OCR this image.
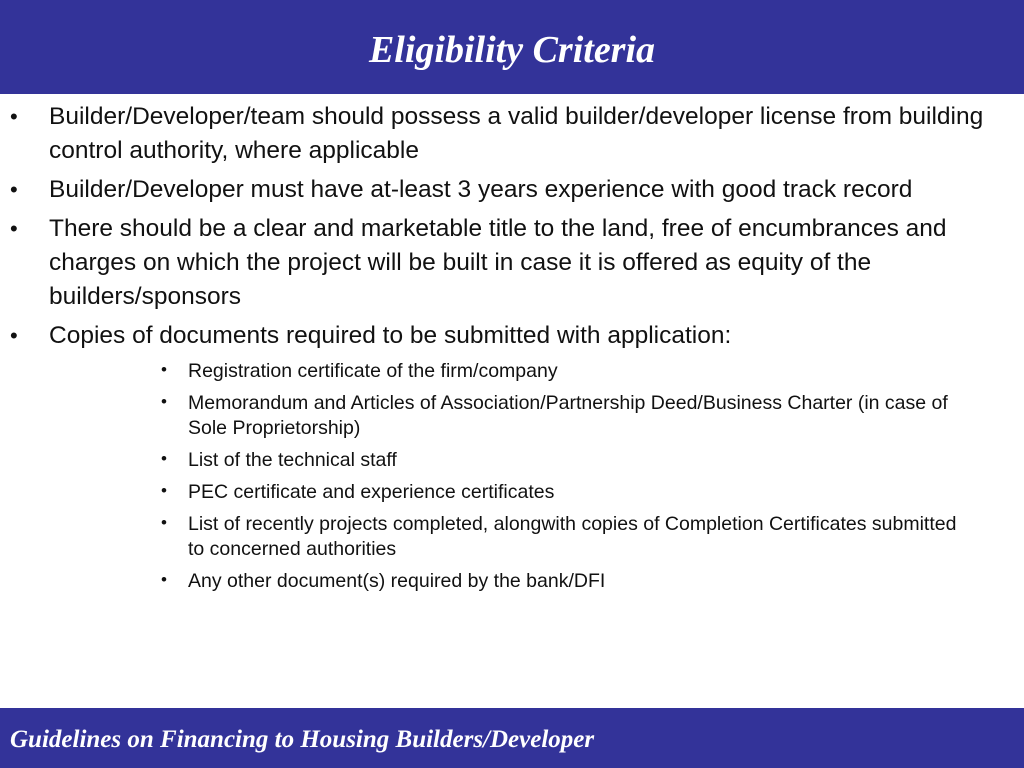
Eligibility Criteria
• Builder/Developer/team should possess a valid builder/developer license from building control authority, where applicable
• Builder/Developer must have at-least 3 years experience with good track record
• There should be a clear and marketable title to the land, free of encumbrances and charges on which the project will be built in case it is offered as equity of the builders/sponsors
• Copies of documents required to be submitted with application:
• Registration certificate of the firm/company
• Memorandum and Articles of Association/Partnership Deed/Business Charter (in case of Sole Proprietorship)
• List of the technical staff
• PEC certificate and experience certificates
• List of recently projects completed, alongwith copies of Completion Certificates submitted to concerned authorities
• Any other document(s) required by the bank/DFI
Guidelines on Financing to Housing Builders/Developer
